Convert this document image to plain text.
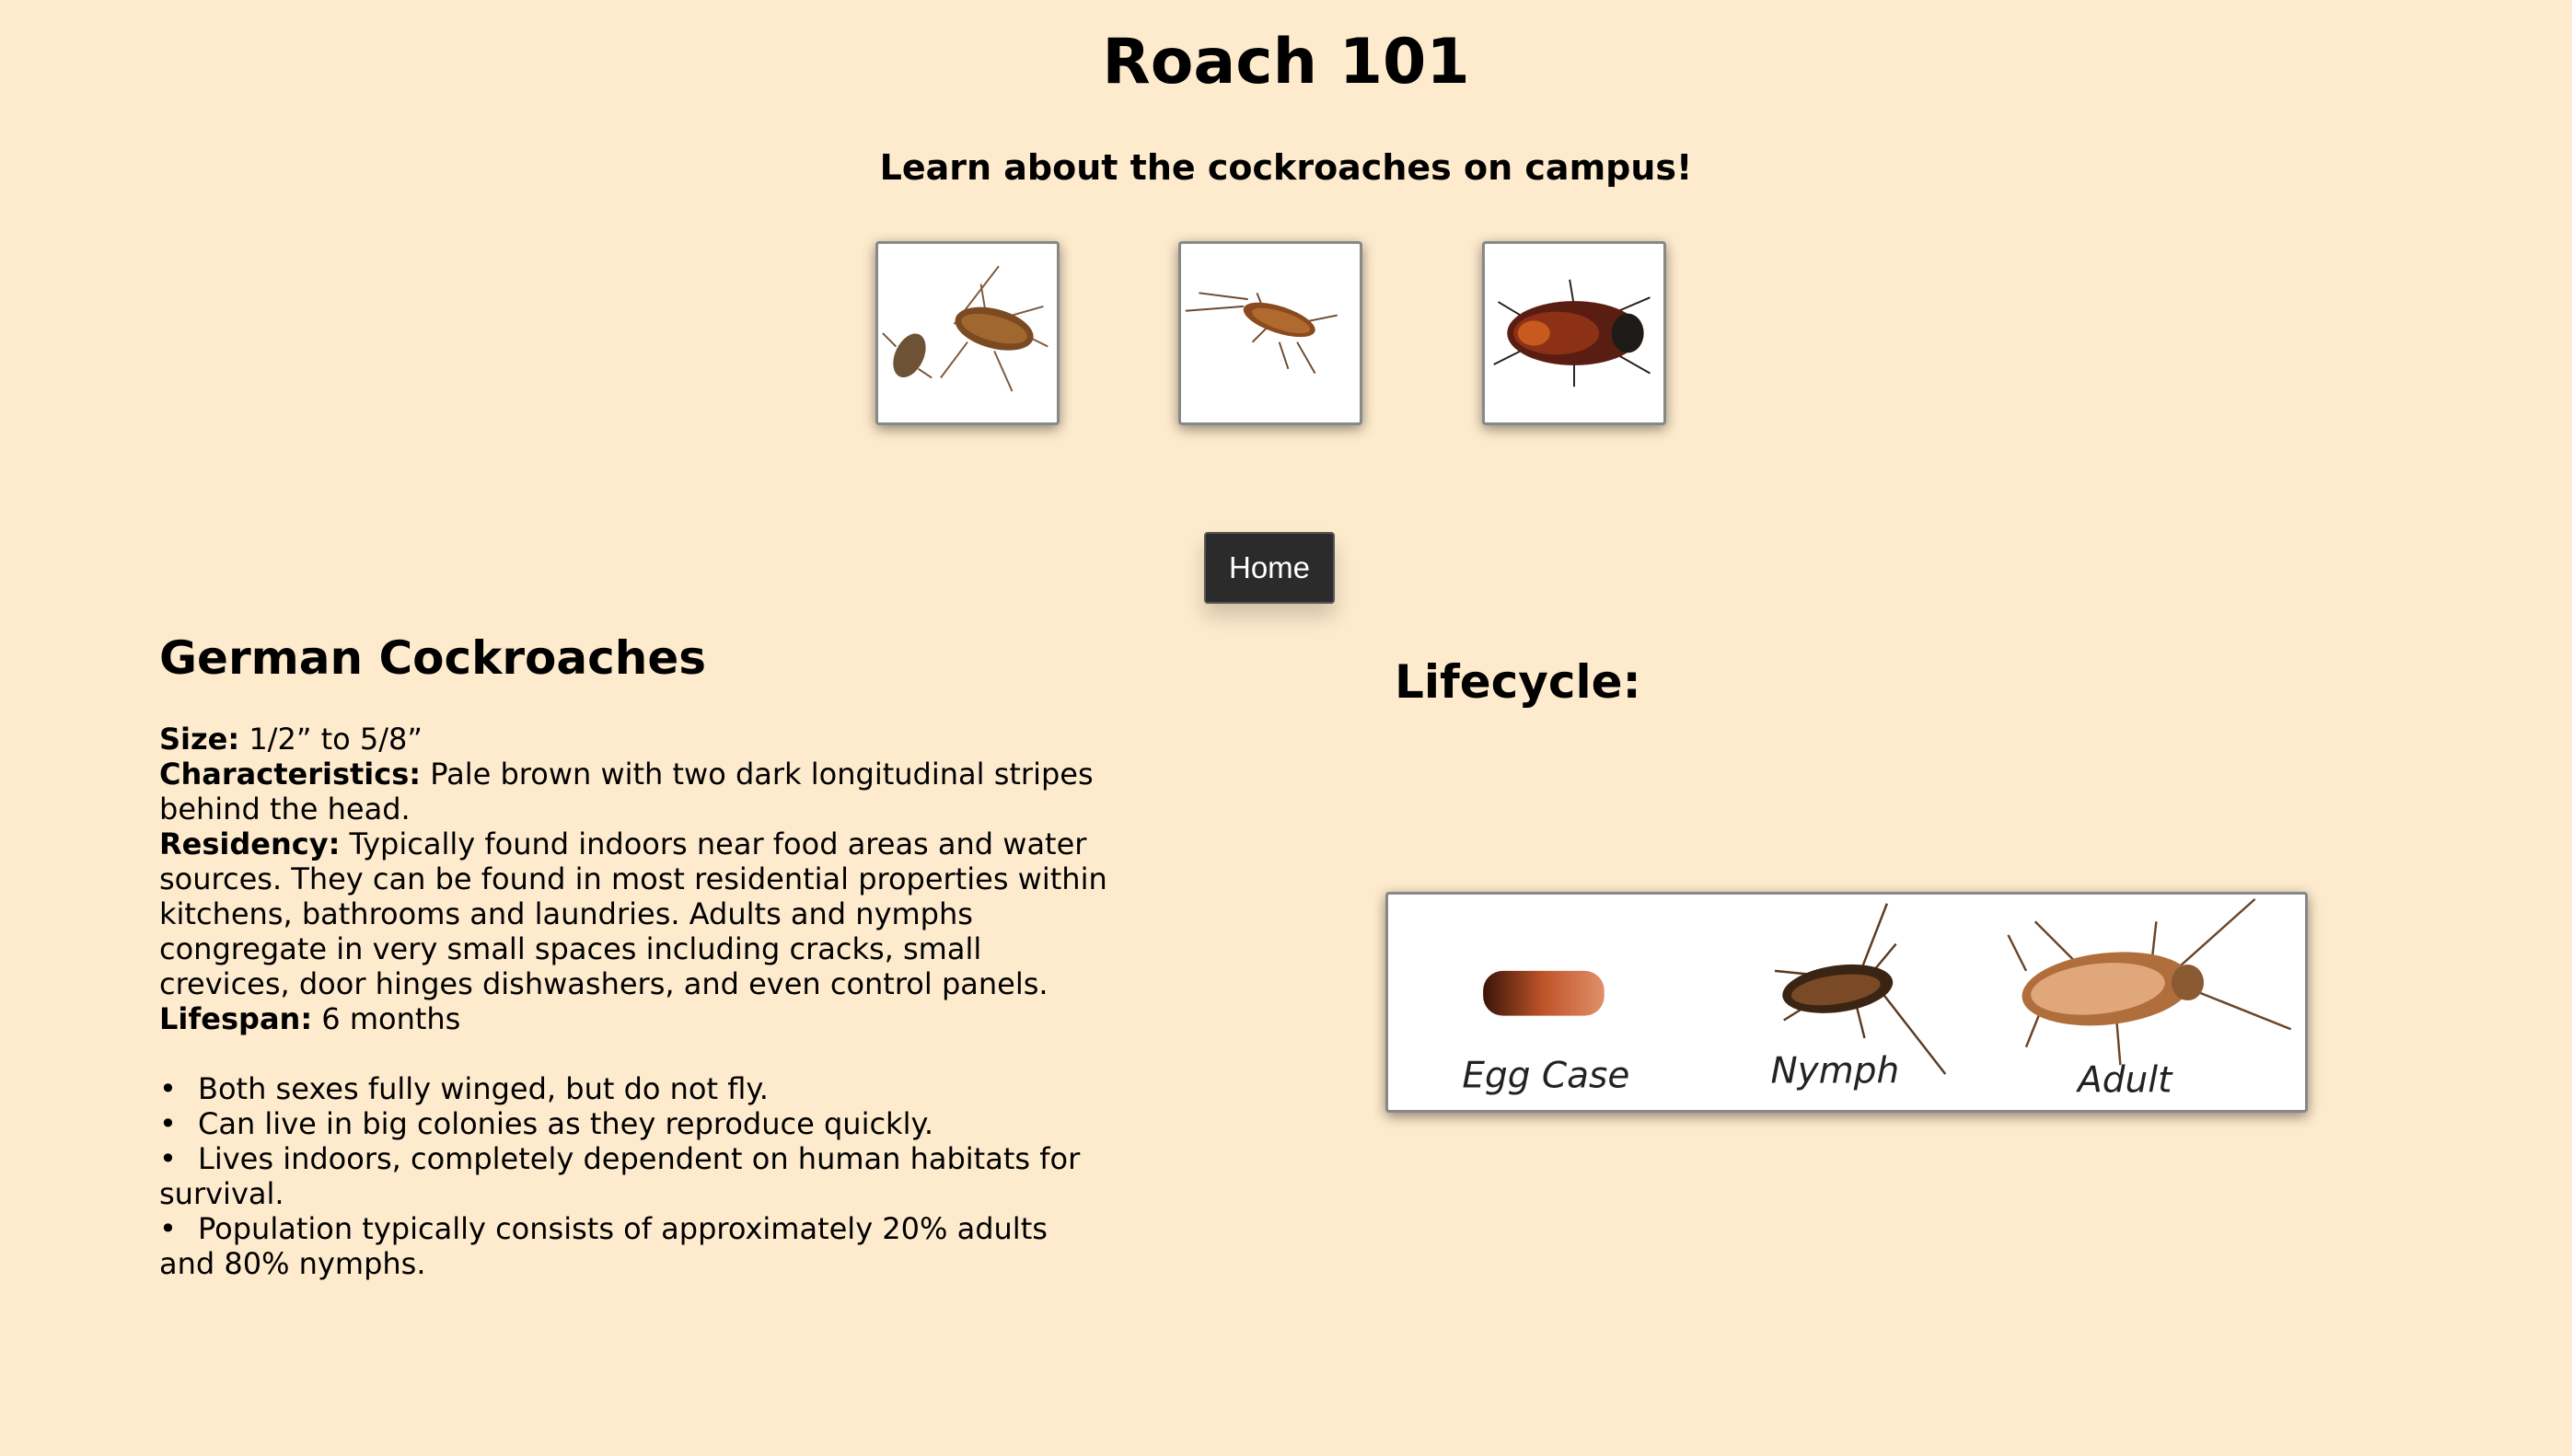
Roach 101
Learn about the cockroaches on campus!
Home
German Cockroaches

Size: 1/2” to 5/8”

Characteristics: Pale brown with two dark longitudinal stripes behind the head.

Residency: Typically found indoors near food areas and water sources. They can be found in most residential properties within kitchens, bathrooms and laundries. Adults and nymphs congregate in very small spaces including cracks, small crevices, door hinges dishwashers, and even control panels.

Lifespan: 6 months

• Both sexes fully winged, but do not fly.
• Can live in big colonies as they reproduce quickly.
• Lives indoors, completely dependent on human habitats for survival.
• Population typically consists of approximately 20% adults and 80% nymphs.
Lifecycle:
Egg Case	Nymph	Adult
